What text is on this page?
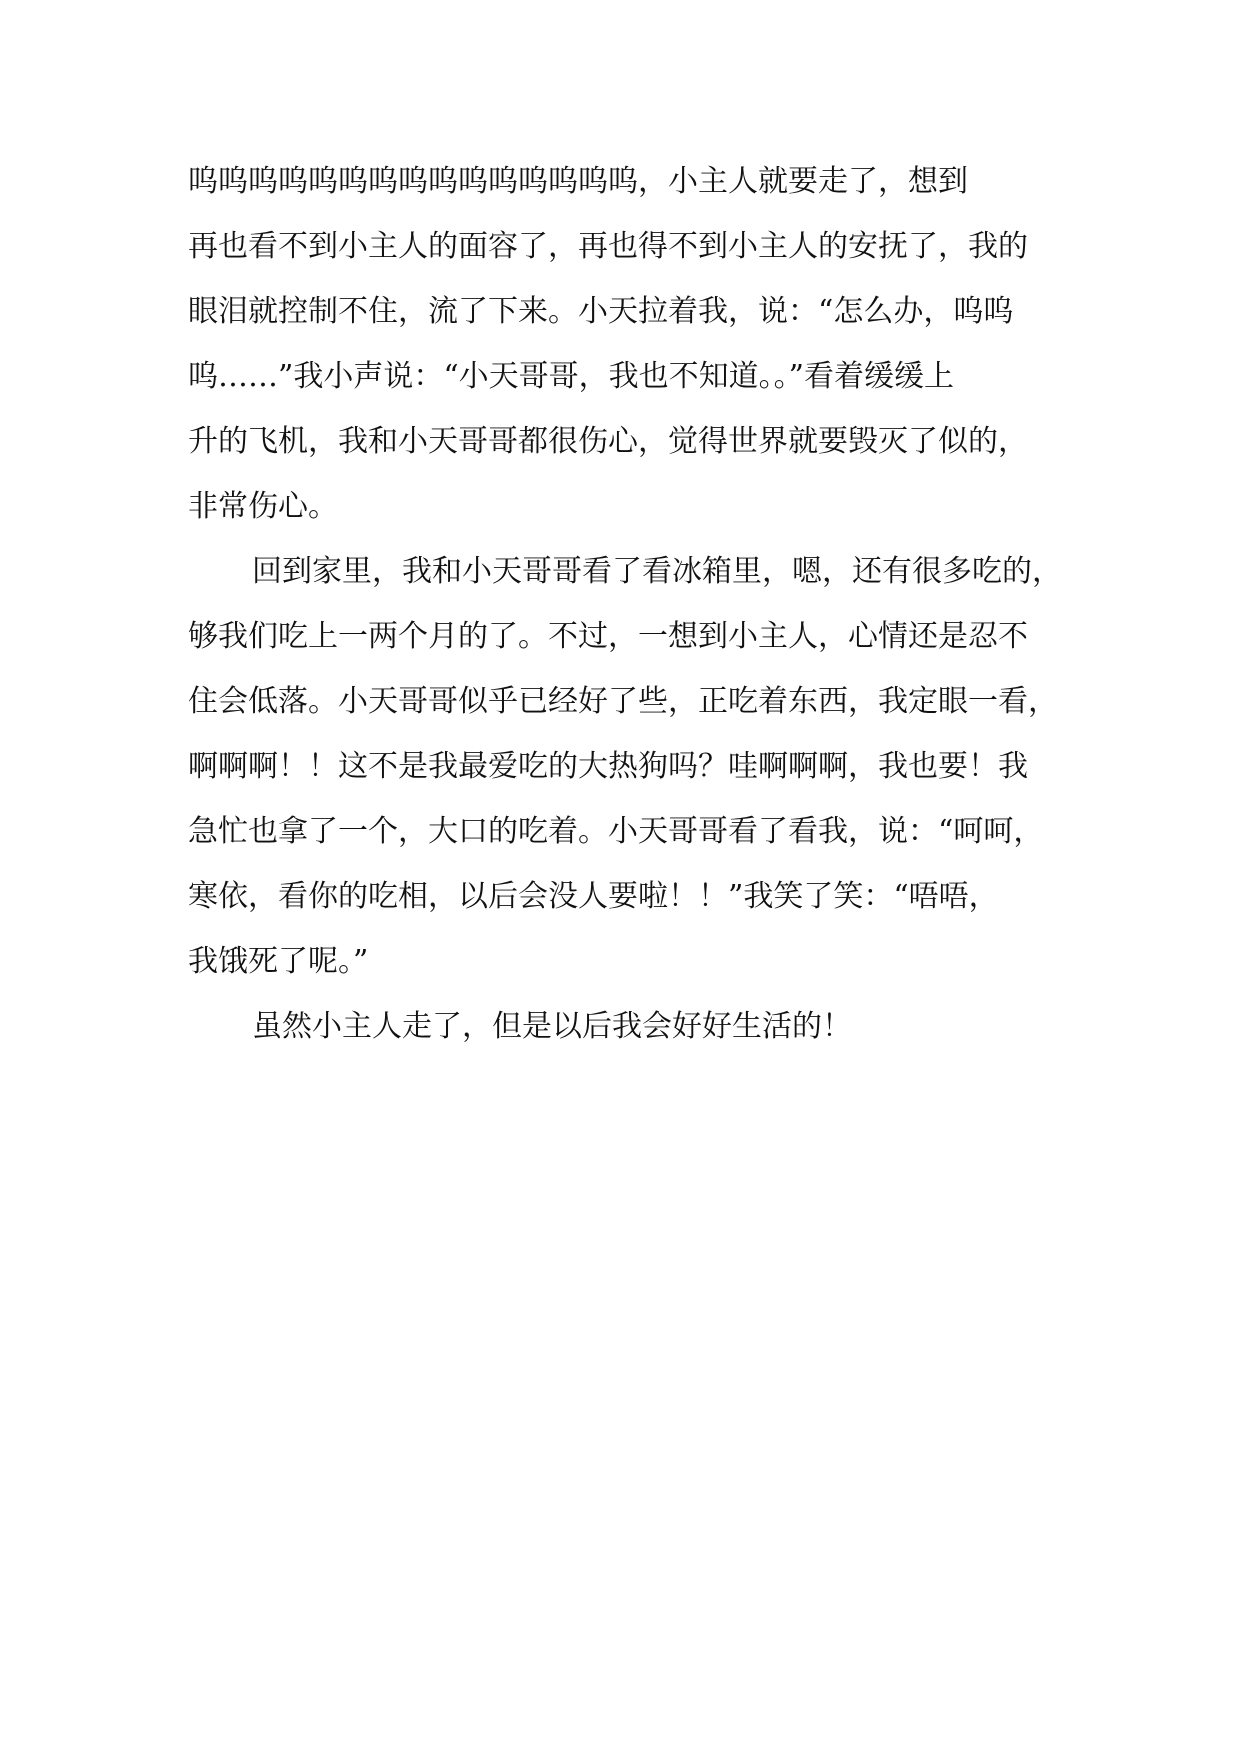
呜呜呜呜呜呜呜呜呜呜呜呜呜呜呜，小主人就要走了，想到
再也看不到小主人的面容了，再也得不到小主人的安抚了，我的
眼泪就控制不住，流了下来。小天拉着我，说：“怎么办，呜呜
呜……”我小声说：“小天哥哥，我也不知道。。”看着缓缓上
升的飞机，我和小天哥哥都很伤心，觉得世界就要毁灭了似的，
非常伤心。
回到家里，我和小天哥哥看了看冰箱里，嗯，还有很多吃的，
够我们吃上一两个月的了。不过，一想到小主人，心情还是忍不
住会低落。小天哥哥似乎已经好了些，正吃着东西，我定眼一看，
啊啊啊！！这不是我最爱吃的大热狗吗？哇啊啊啊，我也要！我
急忙也拿了一个，大口的吃着。小天哥哥看了看我，说：“呵呵，
寒依，看你的吃相，以后会没人要啦！！”我笑了笑：“唔唔，
我饿死了呢。”
虽然小主人走了，但是以后我会好好生活的！
